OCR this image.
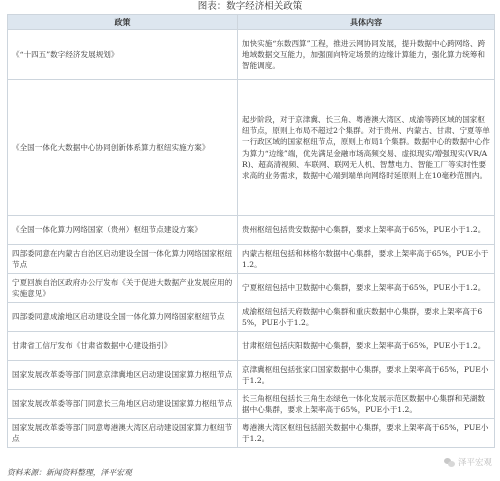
图表：数字经济相关政策
政策	具体内容
《“十四五”数字经济发展规划》	加快实施“东数西算”工程，推进云网协同发展，提升数据中心跨网络、跨地域数据交互能力，加强面向特定场景的边缘计算能力，强化算力统筹和智能调度。
《全国一体化大数据中心协同创新体系算力枢纽实施方案》	起步阶段，对于京津冀、长三角、粤港澳大湾区、成渝等跨区域的国家枢纽节点，原则上布局不超过2个集群。对于贵州、内蒙古、甘肃、宁夏等单一行政区域的国家枢纽节点，原则上布局1个集群。数据中心的数据中心作为算力“边缘”端，优先满足金融市场高频交易、虚拟现实/增强现实(VR/AR)、超高清视频、车联网、联网无人机、智慧电力、智能工厂等实时性要求高的业务需求，数据中心端到端单向网络时延原则上在10毫秒范围内。
《全国一体化算力网络国家（贵州）枢纽节点建设方案》	贵州枢纽包括贵安数据中心集群，要求上架率高于65%，PUE小于1.2。
四部委同意在内蒙古自治区启动建设全国一体化算力网络国家枢纽节点	内蒙古枢纽包括和林格尔数据中心集群，要求上架率高于65%，PUE小于1.2。
宁夏回族自治区政府办公厅发布《关于促进大数据产业发展应用的实施意见》	宁夏枢纽包括中卫数据中心集群，要求上架率高于65%，PUE小于1.2。
四部委同意成渝地区启动建设全国一体化算力网络国家枢纽节点	成渝枢纽包括天府数据中心集群和重庆数据中心集群，要求上架率高于65%，PUE小于1.2。
甘肃省工信厅发布《甘肃省数据中心建设指引》	甘肃枢纽包括庆阳数据中心集群，要求上架率高于65%，PUE小于1.2。
国家发展改革委等部门同意京津冀地区启动建设国家算力枢纽节点	京津冀枢纽包括张家口国家数据中心集群，要求上架率高于65%，PUE小于1.2。
国家发展改革委等部门同意长三角地区启动建设国家算力枢纽节点	长三角枢纽包括长三角生态绿色一体化发展示范区数据中心集群和芜湖数据中心集群，要求上架率高于65%，PUE小于1.2。
国家发展改革委等部门同意粤港澳大湾区启动建设国家算力枢纽节点	粤港澳大湾区枢纽包括韶关数据中心集群，要求上架率高于65%，PUE小于1.2。
泽平宏观
资料来源：新闻资料整理，泽平宏观
